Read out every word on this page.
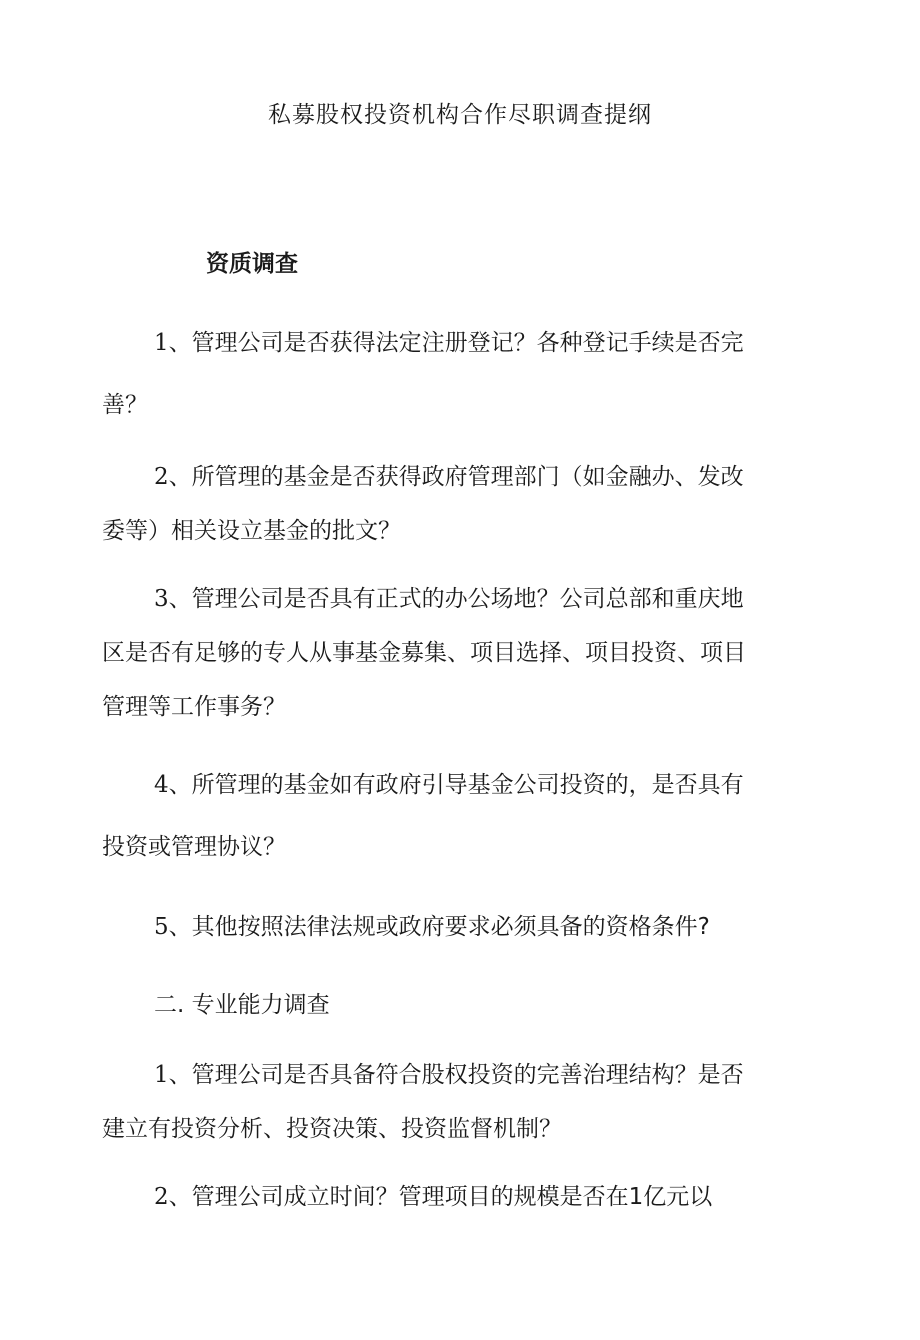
私募股权投资机构合作尽职调查提纲
资质调查
1、管理公司是否获得法定注册登记？各种登记手续是否完
善？
2、所管理的基金是否获得政府管理部门（如金融办、发改
委等）相关设立基金的批文？
3、管理公司是否具有正式的办公场地？公司总部和重庆地
区是否有足够的专人从事基金募集、项目选择、项目投资、项目
管理等工作事务？
4、所管理的基金如有政府引导基金公司投资的，是否具有
投资或管理协议？
5、其他按照法律法规或政府要求必须具备的资格条件?
二. 专业能力调查
1、管理公司是否具备符合股权投资的完善治理结构？是否
建立有投资分析、投资决策、投资监督机制？
2、管理公司成立时间？管理项目的规模是否在1亿元以
